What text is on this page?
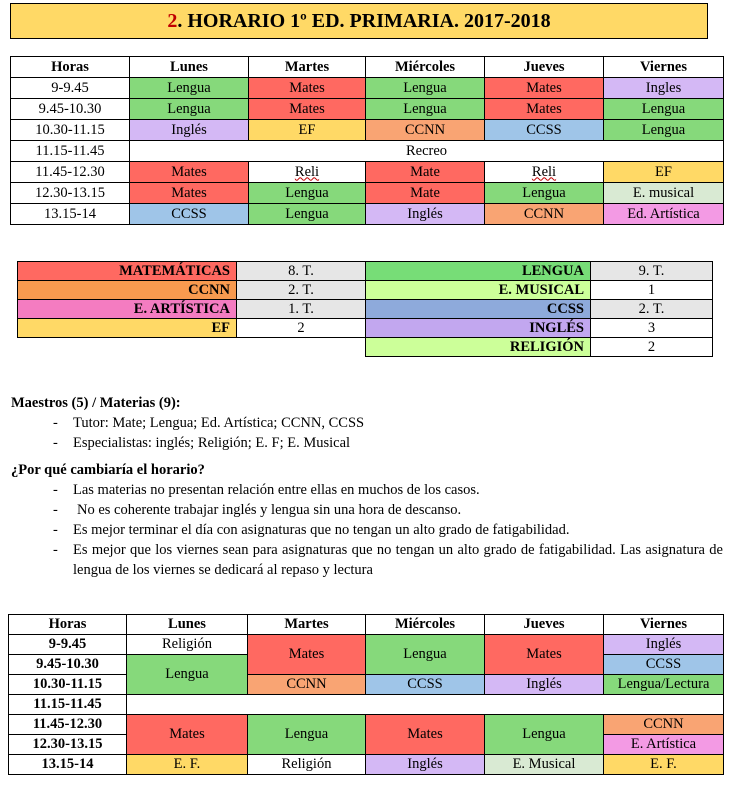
2. HORARIO 1º ED. PRIMARIA. 2017-2018
Horas	Lunes	Martes	Miércoles	Jueves	Viernes
9-9.45	Lengua	Mates	Lengua	Mates	Ingles
9.45-10.30	Lengua	Mates	Lengua	Mates	Lengua
10.30-11.15	Inglés	EF	CCNN	CCSS	Lengua
11.15-11.45	Recreo				
11.45-12.30	Mates	Reli	Mate	Reli	EF
12.30-13.15	Mates	Lengua	Mate	Lengua	E. musical
13.15-14	CCSS	Lengua	Inglés	CCNN	Ed. Artística
MATEMÁTICAS	8. T.	LENGUA	9. T.
CCNN	2. T.	E. MUSICAL	1
E. ARTÍSTICA	1. T.	CCSS	2. T.
EF	2	INGLÉS	3
		RELIGIÓN	2
Maestros (5) / Materias (9):
- Tutor: Mate; Lengua; Ed. Artística; CCNN, CCSS
- Especialistas: inglés; Religión; E. F; E. Musical
¿Por qué cambiaría el horario?
- Las materias no presentan relación entre ellas en muchos de los casos.
- No es coherente trabajar inglés y lengua sin una hora de descanso.
- Es mejor terminar el día con asignaturas que no tengan un alto grado de fatigabilidad.
- Es mejor que los viernes sean para asignaturas que no tengan un alto grado de fatigabilidad. Las asignatura de lengua de los viernes se dedicará al repaso y lectura
Horas	Lunes	Martes	Miércoles	Jueves	Viernes
9-9.45	Religión	Mates	Lengua	Mates	Inglés
9.45-10.30	Lengua				CCSS
10.30-11.15		CCNN	CCSS	Inglés	Lengua/Lectura
11.15-11.45					
11.45-12.30	Mates	Lengua	Mates	Lengua	CCNN
12.30-13.15					E. Artística
13.15-14	E. F.	Religión	Inglés	E. Musical	E. F.
